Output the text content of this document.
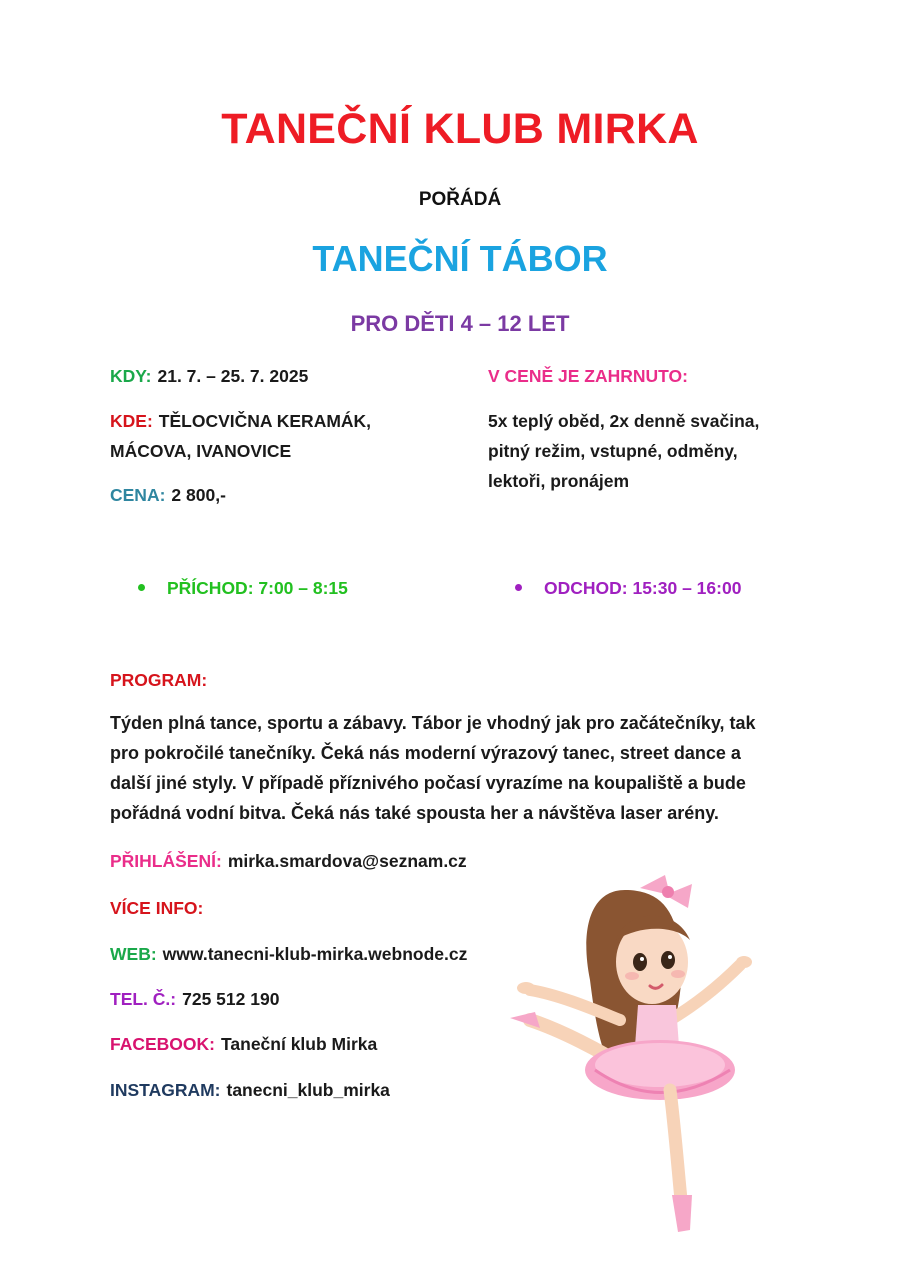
TANEČNÍ KLUB MIRKA
POŘÁDÁ
TANEČNÍ TÁBOR
PRO DĚTI 4 – 12 LET
KDY: 21. 7. – 25. 7. 2025
KDE: TĚLOCVIČNA KERAMÁK,
MÁCOVA, IVANOVICE
CENA: 2 800,-
V CENĚ JE ZAHRNUTO:
5x teplý oběd, 2x denně svačina,
pitný režim, vstupné, odměny,
lektoři, pronájem
PŘÍCHOD: 7:00 – 8:15	ODCHOD: 15:30 – 16:00
PROGRAM:
Týden plná tance, sportu a zábavy. Tábor je vhodný jak pro začátečníky, tak
pro pokročilé tanečníky. Čeká nás moderní výrazový tanec, street dance a
další jiné styly. V případě příznivého počasí vyrazíme na koupaliště a bude
pořádná vodní bitva. Čeká nás také spousta her a návštěva laser arény.
PŘIHLÁŠENÍ: mirka.smardova@seznam.cz
VÍCE INFO:
WEB: www.tanecni-klub-mirka.webnode.cz
TEL. Č.: 725 512 190
FACEBOOK: Taneční klub Mirka
INSTAGRAM: tanecni_klub_mirka
